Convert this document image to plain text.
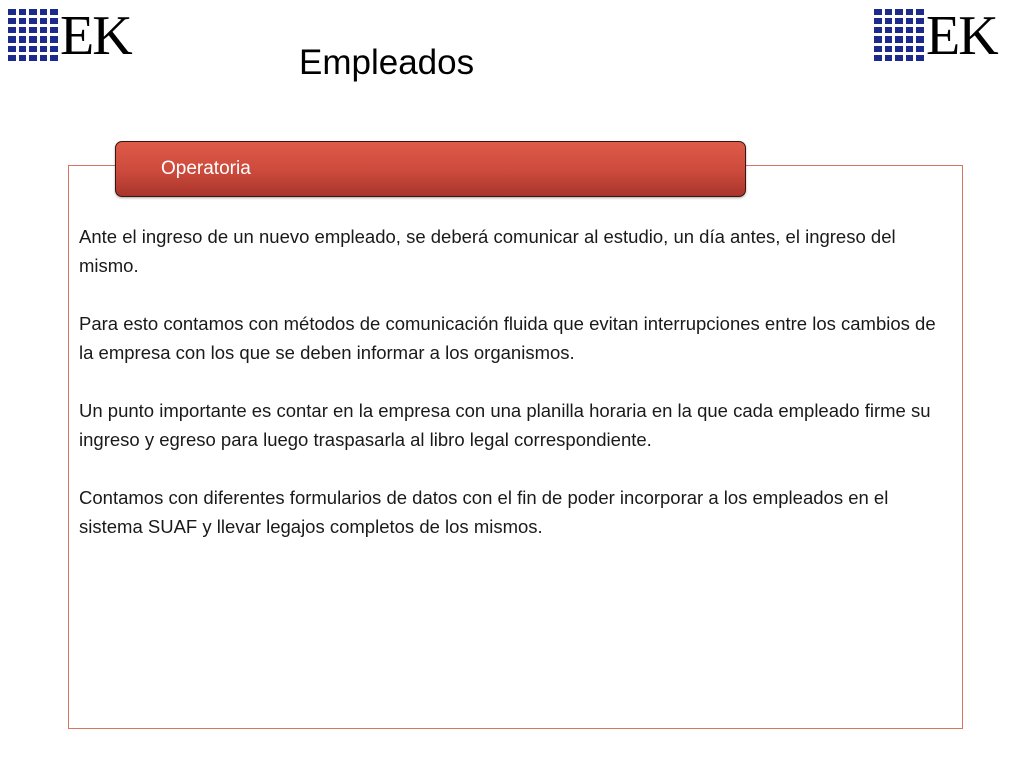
EK	EK
Empleados
Operatoria

Ante el ingreso de un nuevo empleado, se deberá comunicar al estudio, un día antes, el ingreso del mismo.

Para esto contamos con métodos de comunicación fluida que evitan interrupciones entre los cambios de la empresa con los que se deben informar a los organismos.

Un punto importante es contar en la empresa con una planilla horaria en la que cada empleado firme su ingreso y egreso para luego traspasarla al libro legal correspondiente.

Contamos con diferentes formularios de datos con el fin de poder incorporar a los empleados en el sistema SUAF y llevar legajos completos de los mismos.
